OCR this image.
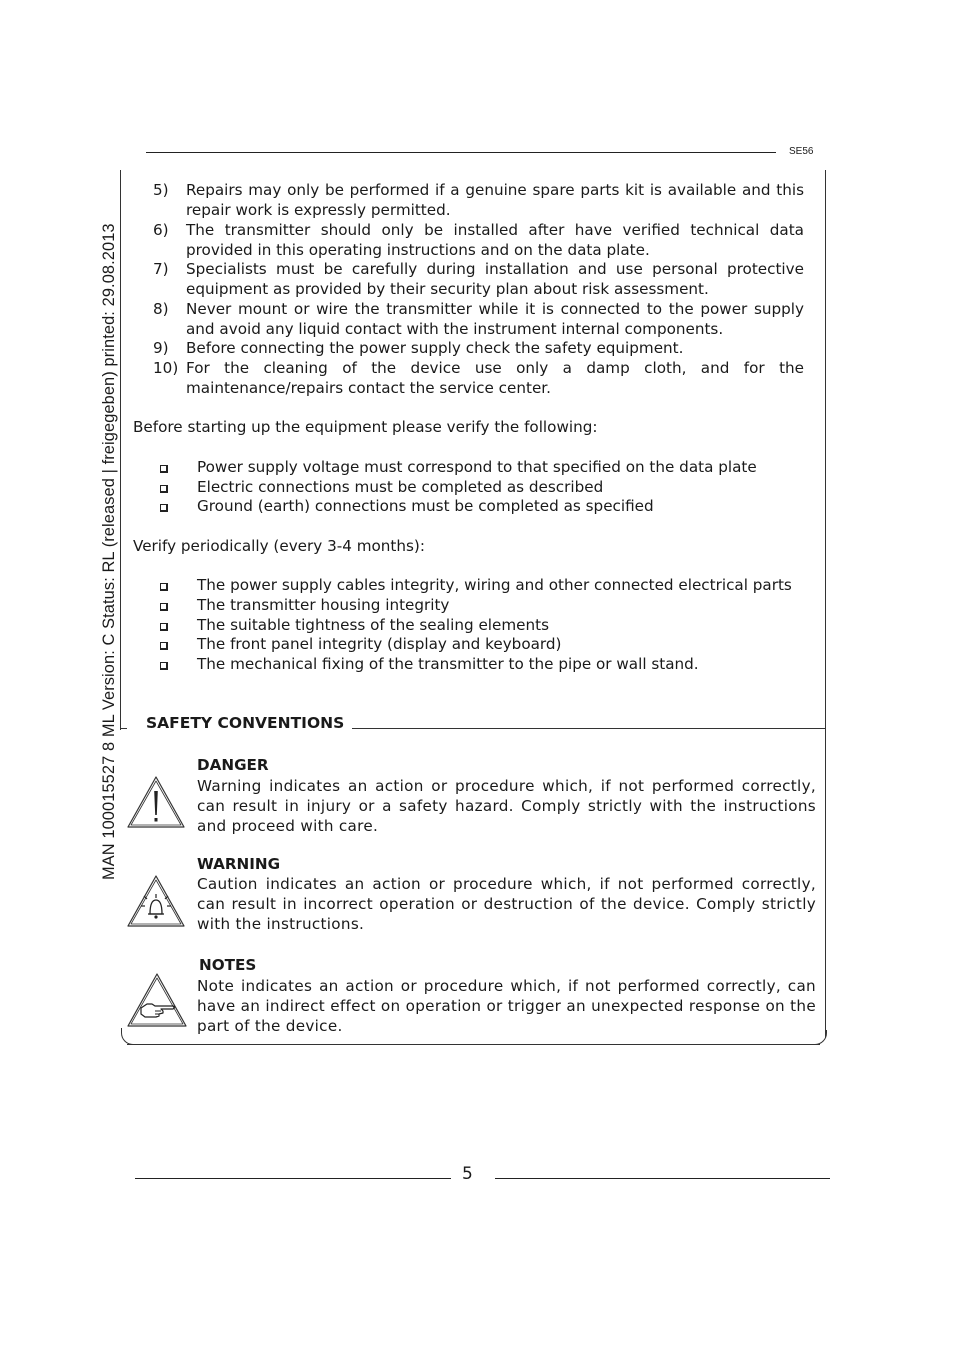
MAN 100015527 8 ML Version: C Status: RL (released | freigegeben) printed: 29.08.2013
SE56
5)	Repairs may only be performed if a genuine spare parts kit is available and this repair work is expressly permitted.
6)	The transmitter should only be installed after have verified technical data provided in this operating instructions and on the data plate.
7)	Specialists must be carefully during installation and use personal protective equipment as provided by their security plan about risk assessment.
8)	Never mount or wire the transmitter while it is connected to the power supply and avoid any liquid contact with the instrument internal components.
9)	Before connecting the power supply check the safety equipment.
10) For the cleaning of the device use only a damp cloth, and for the maintenance/repairs contact the service center.
Before starting up the equipment please verify the following:
Power supply voltage must correspond to that specified on the data plate
Electric connections must be completed as described
Ground (earth) connections must be completed as specified
Verify periodically (every 3-4 months):
The power supply cables integrity, wiring and other connected electrical parts
The transmitter housing integrity
The suitable tightness of the sealing elements
The front panel integrity (display and keyboard)
The mechanical fixing of the transmitter to the pipe or wall stand.
SAFETY CONVENTIONS
DANGER
Warning indicates an action or procedure which, if not performed correctly, can result in injury or a safety hazard. Comply strictly with the instructions and proceed with care.
WARNING
Caution indicates an action or procedure which, if not performed correctly, can result in incorrect operation or destruction of the device. Comply strictly with the instructions.
NOTES
Note indicates an action or procedure which, if not performed correctly, can have an indirect effect on operation or trigger an unexpected response on the part of the device.
5
